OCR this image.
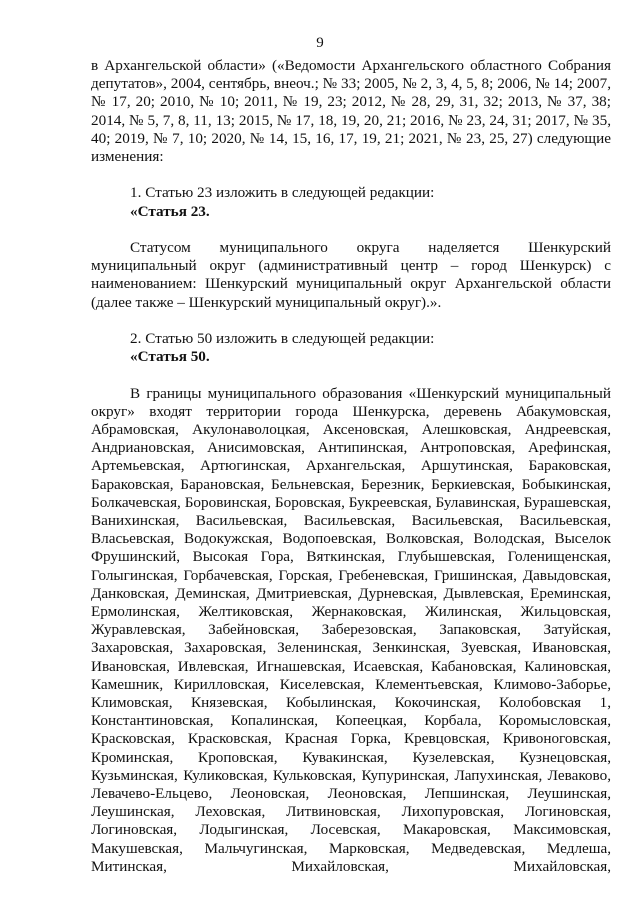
9

в Архангельской области» («Ведомости Архангельского областного Собрания депутатов», 2004, сентябрь, внеоч.; № 33; 2005, № 2, 3, 4, 5, 8; 2006, № 14; 2007, № 17, 20; 2010, № 10; 2011, № 19, 23; 2012, № 28, 29, 31, 32; 2013, № 37, 38; 2014, № 5, 7, 8, 11, 13; 2015, № 17, 18, 19, 20, 21; 2016, № 23, 24, 31; 2017, № 35, 40; 2019, № 7, 10; 2020, № 14, 15, 16, 17, 19, 21; 2021, № 23, 25, 27) следующие изменения:

1. Статью 23 изложить в следующей редакции:

«Статья 23.

Статусом муниципального округа наделяется Шенкурский муниципальный округ (административный центр – город Шенкурск) с наименованием: Шенкурский муниципальный округ Архангельской области (далее также – Шенкурский муниципальный округ).».

2. Статью 50 изложить в следующей редакции:

«Статья 50.

В границы муниципального образования «Шенкурский муниципальный округ» входят территории города Шенкурска, деревень Абакумовская, Абрамовская, Акулонаволоцкая, Аксеновская, Алешковская, Андреевская, Андриановская, Анисимовская, Антипинская, Антроповская, Арефинская, Артемьевская, Артюгинская, Архангельская, Аршутинская, Бараковская, Бараковская, Барановская, Бельневская, Березник, Беркиевская, Бобыкинская, Болкачевская, Боровинская, Боровская, Букреевская, Булавинская, Бурашевская, Ванихинская, Васильевская, Васильевская, Васильевская, Васильевская, Власьевская, Водокужская, Водопоевская, Волковская, Володская, Выселок Фрушинский, Высокая Гора, Вяткинская, Глубышевская, Голенищенская, Голыгинская, Горбачевская, Горская, Гребеневская, Гришинская, Давыдовская, Данковская, Деминская, Дмитриевская, Дурневская, Дывлевская, Ереминская, Ермолинская, Желтиковская, Жернаковская, Жилинская, Жильцовская, Журавлевская, Забейновская, Заберезовская, Запаковская, Затуйская, Захаровская, Захаровская, Зеленинская, Зенкинская, Зуевская, Ивановская, Ивановская, Ивлевская, Игнашевская, Исаевская, Кабановская, Калиновская, Камешник, Кирилловская, Киселевская, Клементьевская, Климово-Заборье, Климовская, Князевская, Кобылинская, Кокочинская, Колобовская 1, Константиновская, Копалинская, Копеецкая, Корбала, Коромысловская, Красковская, Красковская, Красная Горка, Кревцовская, Кривоноговская, Кроминская, Кроповская, Кувакинская, Кузелевская, Кузнецовская, Кузьминская, Куликовская, Кульковская, Купуринская, Лапухинская, Леваково, Левачево-Ельцево, Леоновская, Леоновская, Лепшинская, Леушинская, Леушинская, Леховская, Литвиновская, Лихопуровская, Логиновская, Логиновская, Лодыгинская, Лосевская, Макаровская, Максимовская, Макушевская, Мальчугинская, Марковская, Медведевская, Медлеша, Митинская, Михайловская, Михайловская,
